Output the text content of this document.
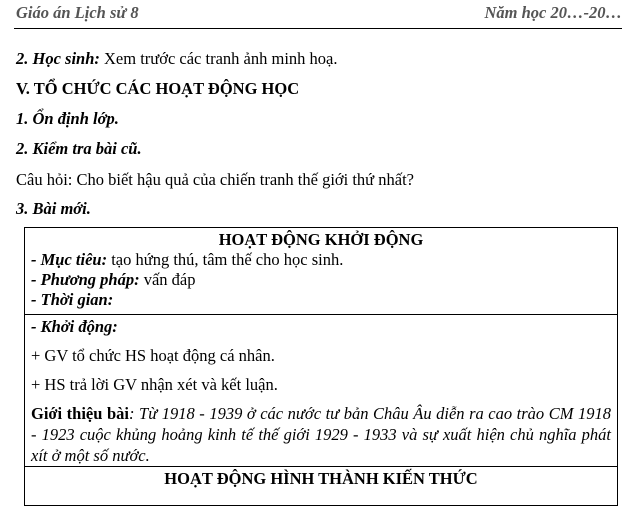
Giáo án Lịch sử 8	Năm học 20…-20…
2. Học sinh: Xem trước các tranh ảnh minh hoạ.
V. TỔ CHỨC CÁC HOẠT ĐỘNG HỌC
1. Ổn định lớp.
2. Kiểm tra bài cũ.
Câu hỏi: Cho biết hậu quả của chiến tranh thế giới thứ nhất?
3. Bài mới.
HOẠT ĐỘNG KHỞI ĐỘNG
- Mục tiêu: tạo hứng thú, tâm thế cho học sinh.
- Phương pháp: vấn đáp
- Thời gian:
- Khởi động:
+ GV tổ chức HS hoạt động cá nhân.
+ HS trả lời GV nhận xét và kết luận.
Giới thiệu bài: Từ 1918 - 1939 ở các nước tư bản Châu Âu diễn ra cao trào CM 1918 - 1923 cuộc khủng hoảng kinh tế thế giới 1929 - 1933 và sự xuất hiện chủ nghĩa phát xít ở một số nước.
HOẠT ĐỘNG HÌNH THÀNH KIẾN THỨC
